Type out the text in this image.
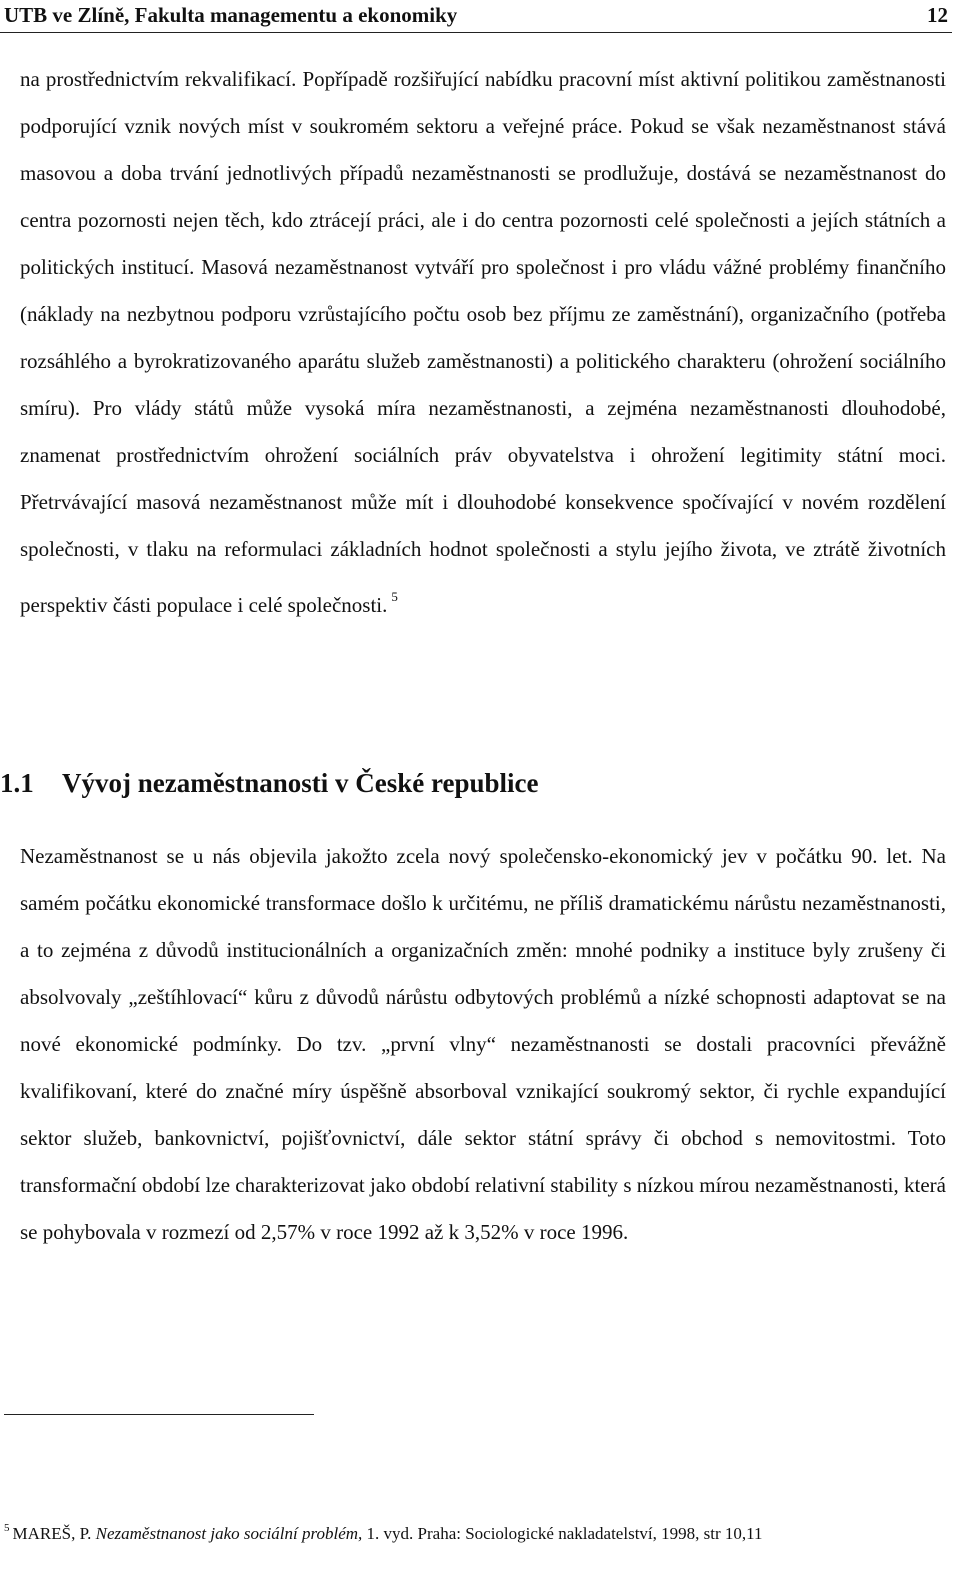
UTB ve Zlíně, Fakulta managementu a ekonomiky	12

na prostřednictvím rekvalifikací. Popřípadě rozšiřující nabídku pracovní míst aktivní politikou zaměstnanosti podporující vznik nových míst v soukromém sektoru a veřejné práce. Pokud se však nezaměstnanost stává masovou a doba trvání jednotlivých případů nezaměstnanosti se prodlužuje, dostává se nezaměstnanost do centra pozornosti nejen těch, kdo ztrácejí práci, ale i do centra pozornosti celé společnosti a jejích státních a politických institucí. Masová nezaměstnanost vytváří pro společnost i pro vládu vážné problémy finančního (náklady na nezbytnou podporu vzrůstajícího počtu osob bez příjmu ze zaměstnání), organizačního (potřeba rozsáhlého a byrokratizovaného aparátu služeb zaměstnanosti) a politického charakteru (ohrožení sociálního smíru). Pro vlády států může vysoká míra nezaměstnanosti, a zejména nezaměstnanosti dlouhodobé, znamenat prostřednictvím ohrožení sociálních práv obyvatelstva i ohrožení legitimity státní moci. Přetrvávající masová nezaměstnanost může mít i dlouhodobé konsekvence spočívající v novém rozdělení společnosti, v tlaku na reformulaci základních hodnot společnosti a stylu jejího života, ve ztrátě životních perspektiv části populace i celé společnosti. $^5$

1.1 Vývoj nezaměstnanosti v České republice

Nezaměstnanost se u nás objevila jakožto zcela nový společensko-ekonomický jev v počátku 90. let. Na samém počátku ekonomické transformace došlo k určitému, ne příliš dramatickému nárůstu nezaměstnanosti, a to zejména z důvodů institucionálních a organizačních změn: mnohé podniky a instituce byly zrušeny či absolvovaly „zeštíhlovací“ kůru z důvodů nárůstu odbytových problémů a nízké schopnosti adaptovat se na nové ekonomické podmínky. Do tzv. „první vlny“ nezaměstnanosti se dostali pracovníci převážně kvalifikovaní, které do značné míry úspěšně absorboval vznikající soukromý sektor, či rychle expandující sektor služeb, bankovnictví, pojišťovnictví, dále sektor státní správy či obchod s nemovitostmi. Toto transformační období lze charakterizovat jako období relativní stability s nízkou mírou nezaměstnanosti, která se pohybovala v rozmezí od 2,57% v roce 1992 až k 3,52% v roce 1996.

$^5$ MAREŠ, P. Nezaměstnanost jako sociální problém, 1. vyd. Praha: Sociologické nakladatelství, 1998, str 10,11
